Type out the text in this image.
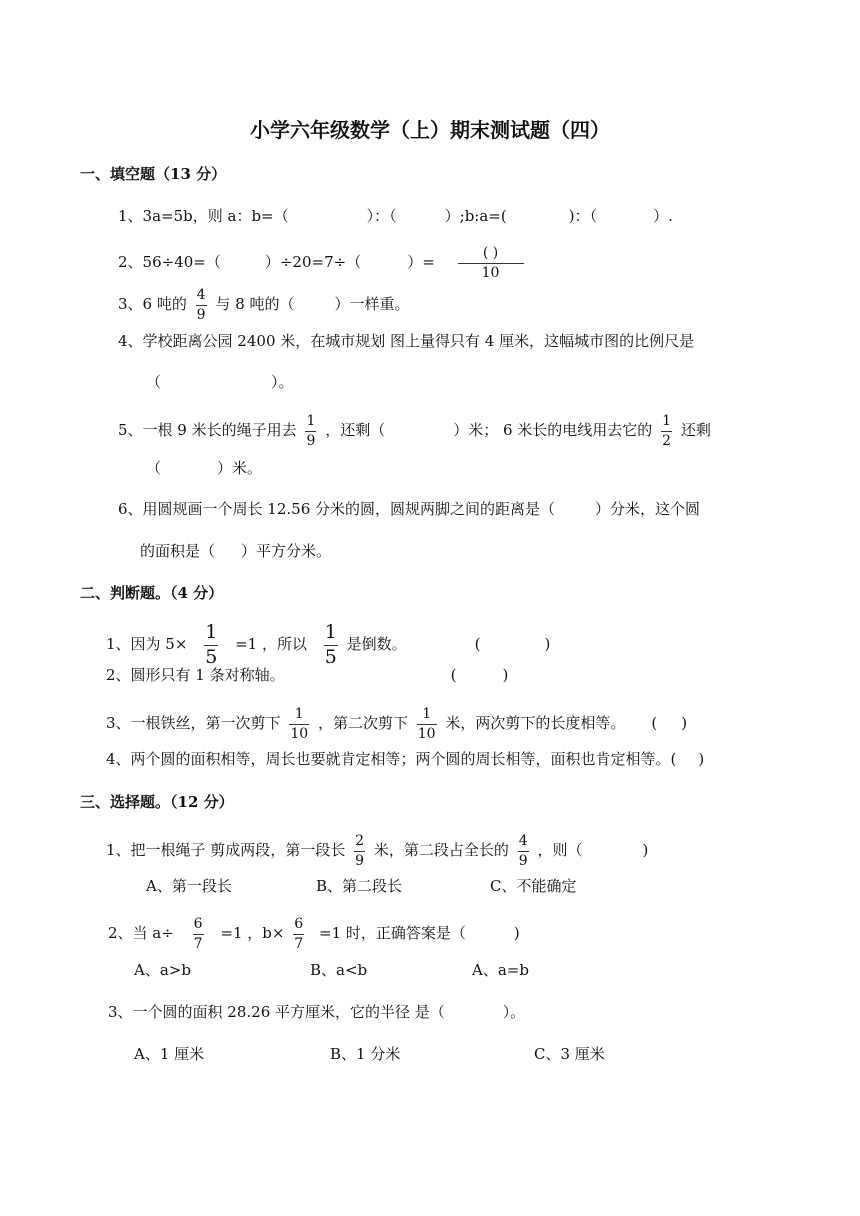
小学六年级数学（上）期末测试题（四）
一、填空题（13 分）
1、3a=5b，则 a：b=（	）：（	）;b:a=(	)：（	）.
2、56÷40=（	）÷20=7÷（	）= $\frac{( )}{10}$
3、6 吨的 $\frac{4}{9}$ 与 8 吨的（	）一样重。
4、学校距离公园 2400 米，在城市规划 图上量得只有 4 厘米，这幅城市图的比例尺是
（	）。
5、一根 9 米长的绳子用去 $\frac{1}{9}$ ，还剩（	）米； 6 米长的电线用去它的 $\frac{1}{2}$ 还剩
（	）米。
6、用圆规画一个周长 12.56 分米的圆，圆规两脚之间的距离是（	）分米，这个圆
的面积是（ ）平方分米。
二、判断题。（4 分）
1、因为 $5\times \frac{1}{5} =1$ ，所以 $\frac{1}{5}$ 是倒数。	(	)
2、圆形只有 1 条对称轴。	(	)
3、一根铁丝，第一次剪下 $\frac{1}{10}$ ，第二次剪下 $\frac{1}{10}$ 米，两次剪下的长度相等。 ( )
4、两个圆的面积相等，周长也要就肯定相等；两个圆的周长相等，面积也肯定相等。( )
三、选择题。（12 分）
1、把一根绳子 剪成两段，第一段长 $\frac{2}{9}$ 米，第二段占全长的 $\frac{4}{9}$ ，则（	)
A、第一段长	B、第二段长	C、不能确定
2、当 $a\div \frac{6}{7} =1$ ，$b\times \frac{6}{7} =1$ 时，正确答案是（	)
A、a>b	B、a<b	A、a=b
3、一个圆的面积 28.26 平方厘米，它的半径 是（	）。
A、1 厘米	B、1 分米	C、3 厘米
